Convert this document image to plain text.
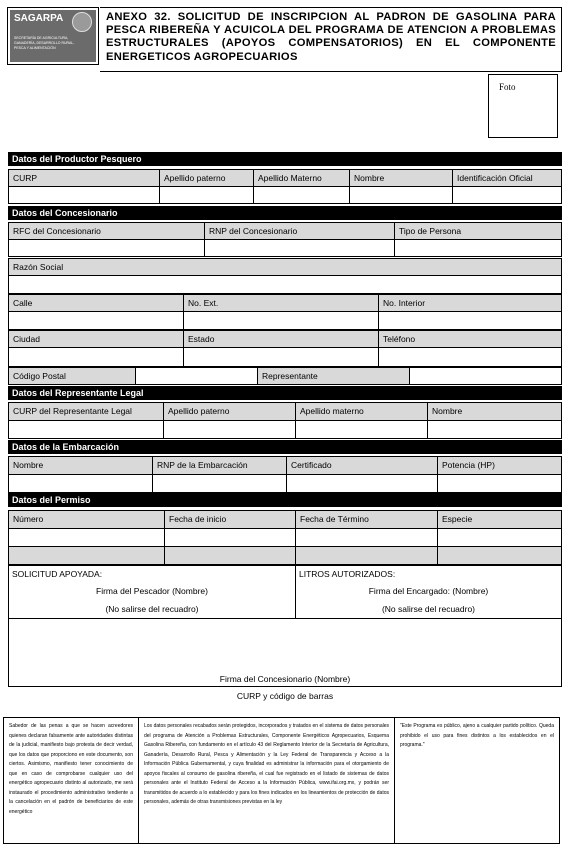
SAGARPA
SECRETARÍA DE AGRICULTURA, GANADERÍA, DESARROLLO RURAL, PESCA Y ALIMENTACIÓN
ANEXO 32. SOLICITUD DE INSCRIPCION AL PADRON DE GASOLINA PARA PESCA RIBEREÑA Y ACUICOLA DEL PROGRAMA DE ATENCION A PROBLEMAS ESTRUCTURALES (APOYOS COMPENSATORIOS) EN EL COMPONENTE ENERGETICOS AGROPECUARIOS
Foto
Datos del Productor Pesquero
CURP	Apellido paterno	Apellido Materno	Nombre	Identificación Oficial
Datos del Concesionario
RFC del Concesionario	RNP del Concesionario	Tipo de Persona
Razón Social
Calle	No. Ext.	No. Interior
Ciudad	Estado	Teléfono
Código Postal	Representante
Datos del Representante Legal
CURP del Representante Legal	Apellido paterno	Apellido materno	Nombre
Datos de la Embarcación
Nombre	RNP de la Embarcación	Certificado	Potencia (HP)
Datos del Permiso
Número	Fecha de inicio	Fecha de Término	Especie
SOLICITUD APOYADA:
Firma del Pescador (Nombre)
(No salirse del recuadro)
LITROS AUTORIZADOS:
Firma del Encargado: (Nombre)
(No salirse del recuadro)
Firma del Concesionario (Nombre)
CURP y código de barras
Sabedor de las penas a que se hacen acreedores quienes declaran falsamente ante autoridades distintas de la judicial, manifiesto bajo protesta de decir verdad, que los datos que proporciono en este documento, son ciertos. Asimismo, manifiesto tener conocimiento de que en caso de comprobarse cualquier uso del energético agropecuario distinto al autorizado, me será instaurado el procedimiento administrativo tendiente a la cancelación en el padrón de beneficiarios de este energético
Los datos personales recabados serán protegidos, incorporados y tratados en el sistema de datos personales del programa de Atención a Problemas Estructurales, Componente Energéticos Agropecuarios, Esquema Gasolina Ribereña, con fundamento en el artículo 43 del Reglamento Interior de la Secretaría de Agricultura, Ganadería, Desarrollo Rural, Pesca y Alimentación y la Ley Federal de Transparencia y Acceso a la Información Pública Gubernamental, y cuya finalidad es administrar la información para el otorgamiento de apoyos fiscales al consumo de gasolina ribereña, el cual fue registrado en el listado de sistemas de datos personales ante el Instituto Federal de Acceso a la Información Pública, www.ifai.org.mx, y podrán ser transmitidos de acuerdo a lo establecido y para los fines indicados en los lineamientos de protección de datos personales, además de otras transmisiones previstas en la ley
"Este Programa es público, ajeno a cualquier partido político. Queda prohibido el uso para fines distintos a los establecidos en el programa."
